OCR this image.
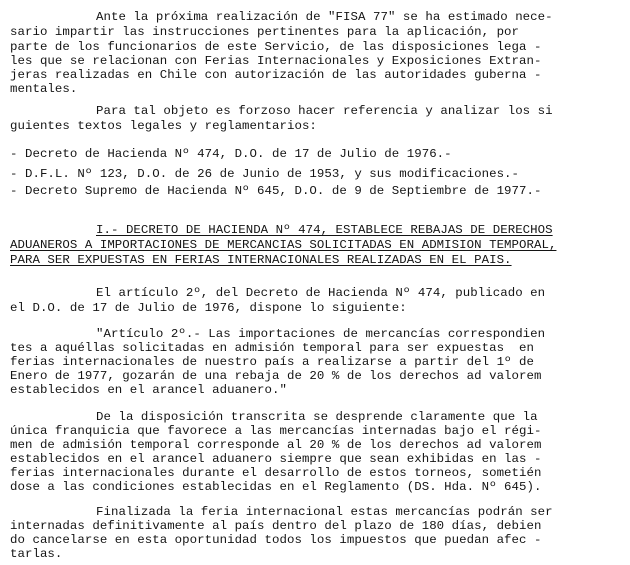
Ante la próxima realización de "FISA 77" se ha estimado nece-
sario impartir las instrucciones pertinentes para la aplicación, por
parte de los funcionarios de este Servicio, de las disposiciones lega -
les que se relacionan con Ferias Internacionales y Exposiciones Extran-
jeras realizadas en Chile con autorización de las autoridades guberna -
mentales.
Para tal objeto es forzoso hacer referencia y analizar los si
guientes textos legales y reglamentarios:
- Decreto de Hacienda Nº 474, D.O. de 17 de Julio de 1976.-
- D.F.L. Nº 123, D.O. de 26 de Junio de 1953, y sus modificaciones.-
- Decreto Supremo de Hacienda Nº 645, D.O. de 9 de Septiembre de 1977.-
I.- DECRETO DE HACIENDA Nº 474, ESTABLECE REBAJAS DE DERECHOS
ADUANEROS A IMPORTACIONES DE MERCANCIAS SOLICITADAS EN ADMISION TEMPORAL,
PARA SER EXPUESTAS EN FERIAS INTERNACIONALES REALIZADAS EN EL PAIS.
El artículo 2º, del Decreto de Hacienda Nº 474, publicado en
el D.O. de 17 de Julio de 1976, dispone lo siguiente:
"Artículo 2º.- Las importaciones de mercancías correspondien
tes a aquéllas solicitadas en admisión temporal para ser expuestas  en
ferias internacionales de nuestro país a realizarse a partir del 1º de
Enero de 1977, gozarán de una rebaja de 20 % de los derechos ad valorem
establecidos en el arancel aduanero."
De la disposición transcrita se desprende claramente que la
única franquicia que favorece a las mercancías internadas bajo el régi-
men de admisión temporal corresponde al 20 % de los derechos ad valorem
establecidos en el arancel aduanero siempre que sean exhibidas en las -
ferias internacionales durante el desarrollo de estos torneos, sometién
dose a las condiciones establecidas en el Reglamento (DS. Hda. Nº 645).
Finalizada la feria internacional estas mercancías podrán ser
internadas definitivamente al país dentro del plazo de 180 días, debien
do cancelarse en esta oportunidad todos los impuestos que puedan afec -
tarlas.
